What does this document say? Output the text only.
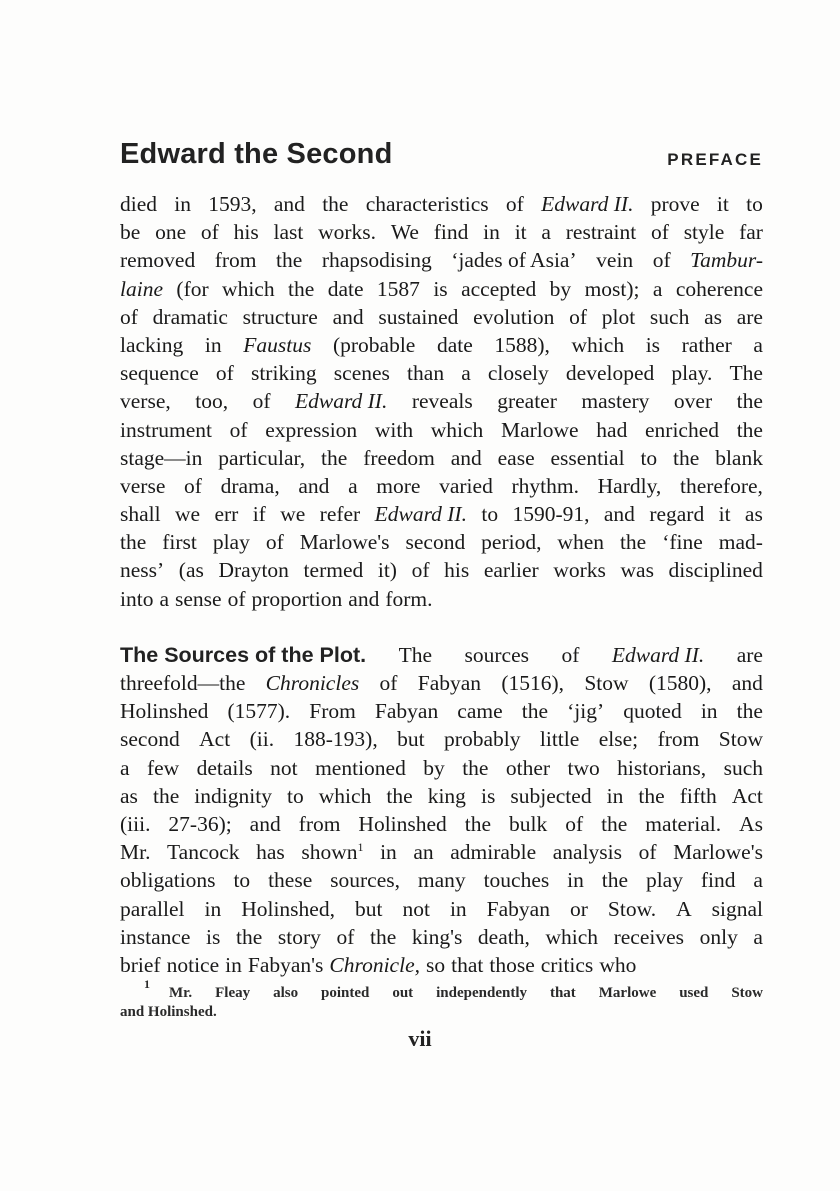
Edward the Second	PREFACE
died in 1593, and the characteristics of Edward II. prove it to
be one of his last works. We find in it a restraint of style far
removed from the rhapsodising ‘jades of Asia’ vein of Tambur-
laine (for which the date 1587 is accepted by most); a coherence
of dramatic structure and sustained evolution of plot such as are
lacking in Faustus (probable date 1588), which is rather a
sequence of striking scenes than a closely developed play. The
verse, too, of Edward II. reveals greater mastery over the
instrument of expression with which Marlowe had enriched the
stage—in particular, the freedom and ease essential to the blank
verse of drama, and a more varied rhythm. Hardly, therefore,
shall we err if we refer Edward II. to 1590-91, and regard it as
the first play of Marlowe's second period, when the ‘fine mad-
ness’ (as Drayton termed it) of his earlier works was disciplined
into a sense of proportion and form.
The Sources of the Plot. The sources of Edward II. are
threefold—the Chronicles of Fabyan (1516), Stow (1580), and
Holinshed (1577). From Fabyan came the ‘jig’ quoted in the
second Act (ii. 188-193), but probably little else; from Stow
a few details not mentioned by the other two historians, such
as the indignity to which the king is subjected in the fifth Act
(iii. 27-36); and from Holinshed the bulk of the material. As
Mr. Tancock has shown$^1$ in an admirable analysis of Marlowe's
obligations to these sources, many touches in the play find a
parallel in Holinshed, but not in Fabyan or Stow. A signal
instance is the story of the king's death, which receives only a
brief notice in Fabyan's Chronicle, so that those critics who
1
Mr. Fleay also pointed out independently that Marlowe used Stow
and Holinshed.
vii
